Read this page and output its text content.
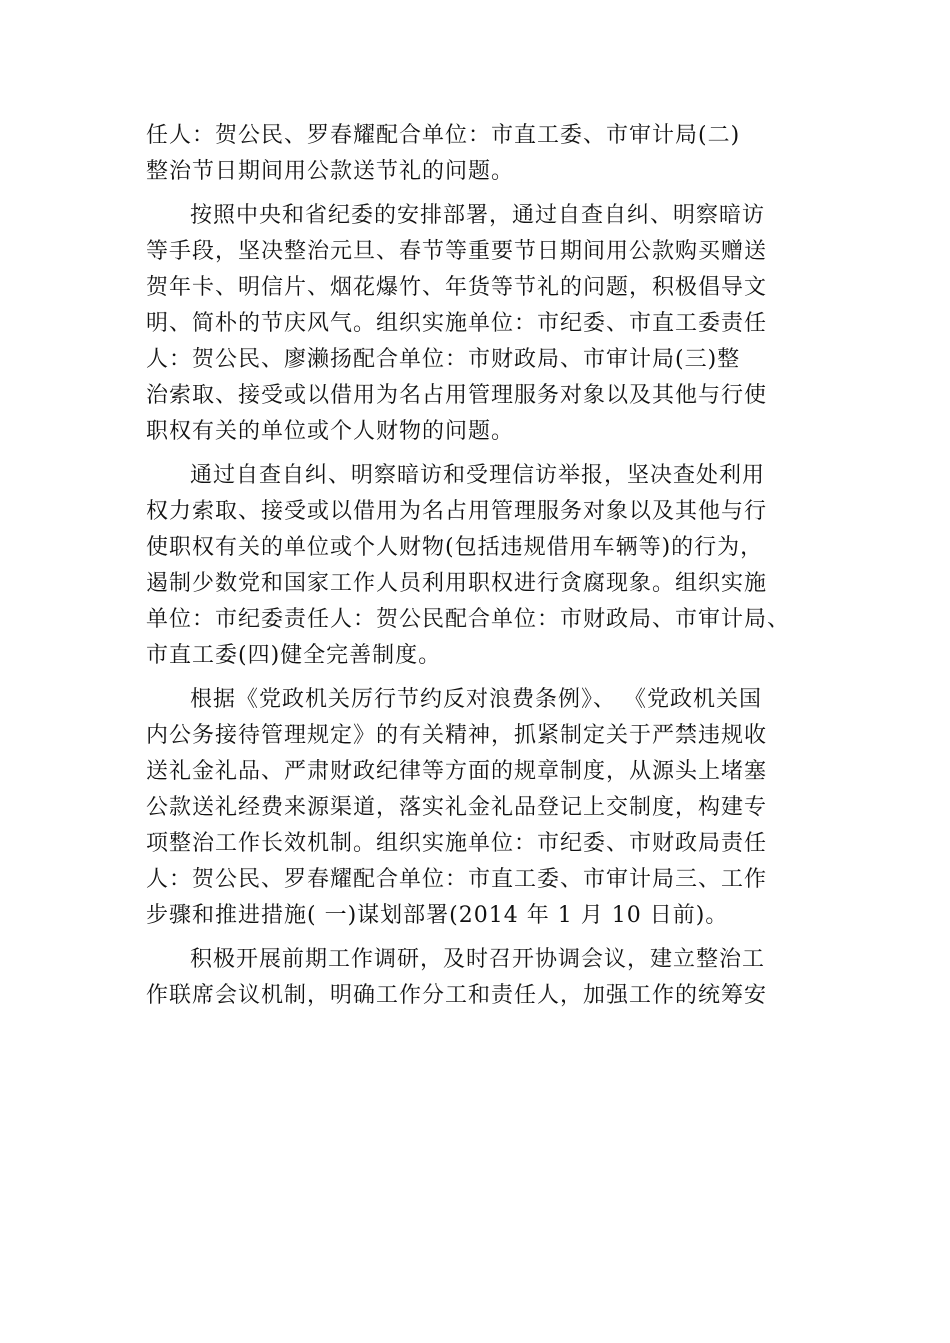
任人：贺公民、罗春耀配合单位：市直工委、市审计局(二)
整治节日期间用公款送节礼的问题。

按照中央和省纪委的安排部署，通过自查自纠、明察暗访
等手段，坚决整治元旦、春节等重要节日期间用公款购买赠送
贺年卡、明信片、烟花爆竹、年货等节礼的问题，积极倡导文
明、简朴的节庆风气。组织实施单位：市纪委、市直工委责任
人：贺公民、廖濑扬配合单位：市财政局、市审计局(三)整
治索取、接受或以借用为名占用管理服务对象以及其他与行使
职权有关的单位或个人财物的问题。

通过自查自纠、明察暗访和受理信访举报，坚决查处利用
权力索取、接受或以借用为名占用管理服务对象以及其他与行
使职权有关的单位或个人财物(包括违规借用车辆等)的行为，
遏制少数党和国家工作人员利用职权进行贪腐现象。组织实施
单位：市纪委责任人：贺公民配合单位：市财政局、市审计局、
市直工委(四)健全完善制度。

根据《党政机关厉行节约反对浪费条例》、 《党政机关国
内公务接待管理规定》的有关精神，抓紧制定关于严禁违规收
送礼金礼品、严肃财政纪律等方面的规章制度，从源头上堵塞
公款送礼经费来源渠道，落实礼金礼品登记上交制度，构建专
项整治工作长效机制。组织实施单位：市纪委、市财政局责任
人：贺公民、罗春耀配合单位：市直工委、市审计局三、工作
步骤和推进措施( 一)谋划部署(2014 年 1 月 10 日前)。

积极开展前期工作调研，及时召开协调会议，建立整治工
作联席会议机制，明确工作分工和责任人，加强工作的统筹安
